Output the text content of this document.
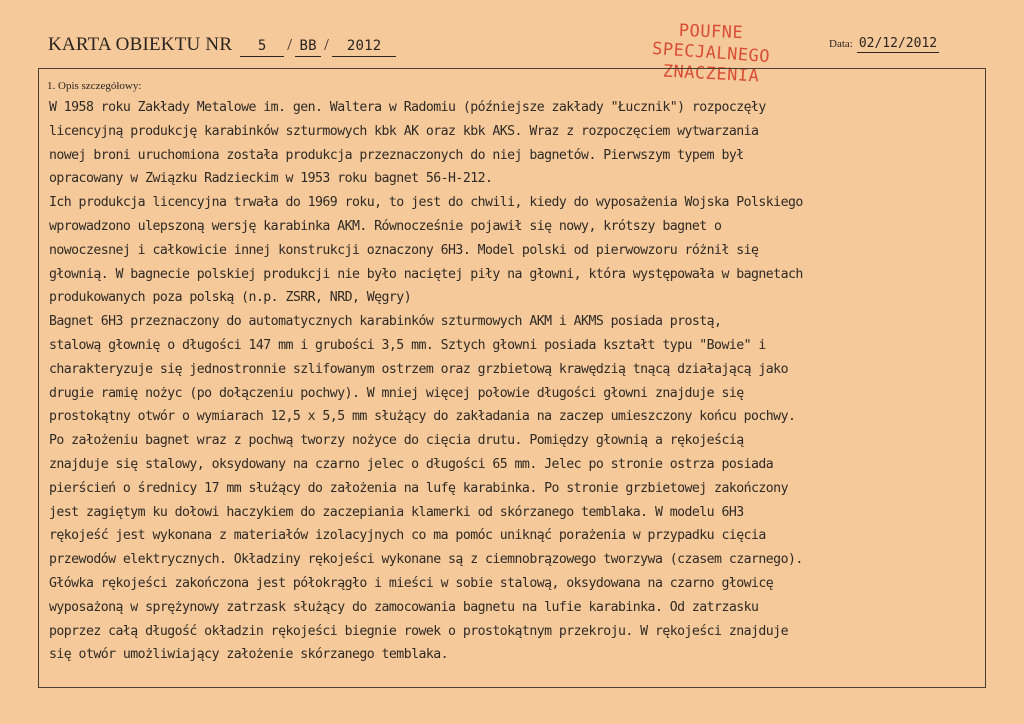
KARTA OBIEKTU NR	5	/ BB /	2012
POUFNE
SPECJALNEGO
ZNACZENIA
Data: 02/12/2012
1. Opis szczegółowy:
W 1958 roku Zakłady Metalowe im. gen. Waltera w Radomiu (późniejsze zakłady "Łucznik") rozpoczęły
licencyjną produkcję karabinków szturmowych kbk AK oraz kbk AKS. Wraz z rozpoczęciem wytwarzania
nowej broni uruchomiona została produkcja przeznaczonych do niej bagnetów. Pierwszym typem był
opracowany w Związku Radzieckim w 1953 roku bagnet 56-H-212.
Ich produkcja licencyjna trwała do 1969 roku, to jest do chwili, kiedy do wyposażenia Wojska Polskiego
wprowadzono ulepszoną wersję karabinka AKM. Równocześnie pojawił się nowy, krótszy bagnet o
nowoczesnej i całkowicie innej konstrukcji oznaczony 6H3. Model polski od pierwowzoru różnił się
głownią. W bagnecie polskiej produkcji nie było naciętej piły na głowni, która występowała w bagnetach
produkowanych poza polską (n.p. ZSRR, NRD, Węgry)
Bagnet 6H3 przeznaczony do automatycznych karabinków szturmowych AKM i AKMS posiada prostą,
stalową głownię o długości 147 mm i grubości 3,5 mm. Sztych głowni posiada kształt typu "Bowie" i
charakteryzuje się jednostronnie szlifowanym ostrzem oraz grzbietową krawędzią tnącą działającą jako
drugie ramię nożyc (po dołączeniu pochwy). W mniej więcej połowie długości głowni znajduje się
prostokątny otwór o wymiarach 12,5 x 5,5 mm służący do zakładania na zaczep umieszczony końcu pochwy.
Po założeniu bagnet wraz z pochwą tworzy nożyce do cięcia drutu. Pomiędzy głownią a rękojeścią
znajduje się stalowy, oksydowany na czarno jelec o długości 65 mm. Jelec po stronie ostrza posiada
pierścień o średnicy 17 mm służący do założenia na lufę karabinka. Po stronie grzbietowej zakończony
jest zagiętym ku dołowi haczykiem do zaczepiania klamerki od skórzanego temblaka. W modelu 6H3
rękojeść jest wykonana z materiałów izolacyjnych co ma pomóc uniknąć porażenia w przypadku cięcia
przewodów elektrycznych. Okładziny rękojeści wykonane są z ciemnobrązowego tworzywa (czasem czarnego).
Główka rękojeści zakończona jest półokrągło i mieści w sobie stalową, oksydowana na czarno głowicę
wyposażoną w sprężynowy zatrzask służący do zamocowania bagnetu na lufie karabinka. Od zatrzasku
poprzez całą długość okładzin rękojeści biegnie rowek o prostokątnym przekroju. W rękojeści znajduje
się otwór umożliwiający założenie skórzanego temblaka.
